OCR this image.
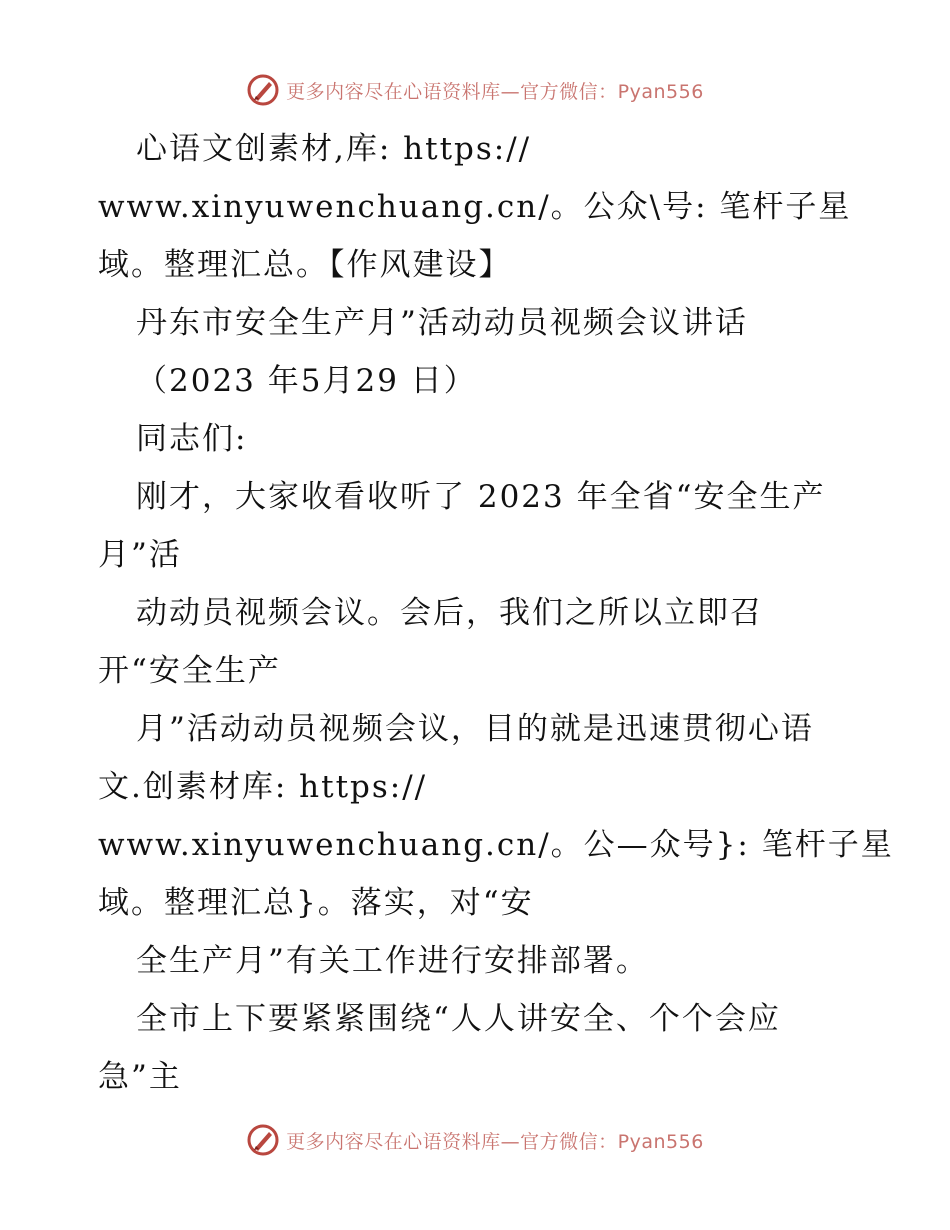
更多内容尽在心语资料库—官方微信：Pyan556
心语文创素材,库: https://
www.xinyuwenchuang.cn/。公众\号: 笔杆子星
域。整理汇总。【作风建设】
丹东市安全生产月”活动动员视频会议讲话
（2023 年5月29 日）
同志们:
刚才，大家收看收听了 2023 年全省“安全生产
月”活
动动员视频会议。会后，我们之所以立即召
开“安全生产
月”活动动员视频会议，目的就是迅速贯彻心语
文.创素材库: https://
www.xinyuwenchuang.cn/。公—众号}: 笔杆子星
域。整理汇总}。落实，对“安
全生产月”有关工作进行安排部署。
全市上下要紧紧围绕“人人讲安全、个个会应
急”主
更多内容尽在心语资料库—官方微信：Pyan556
